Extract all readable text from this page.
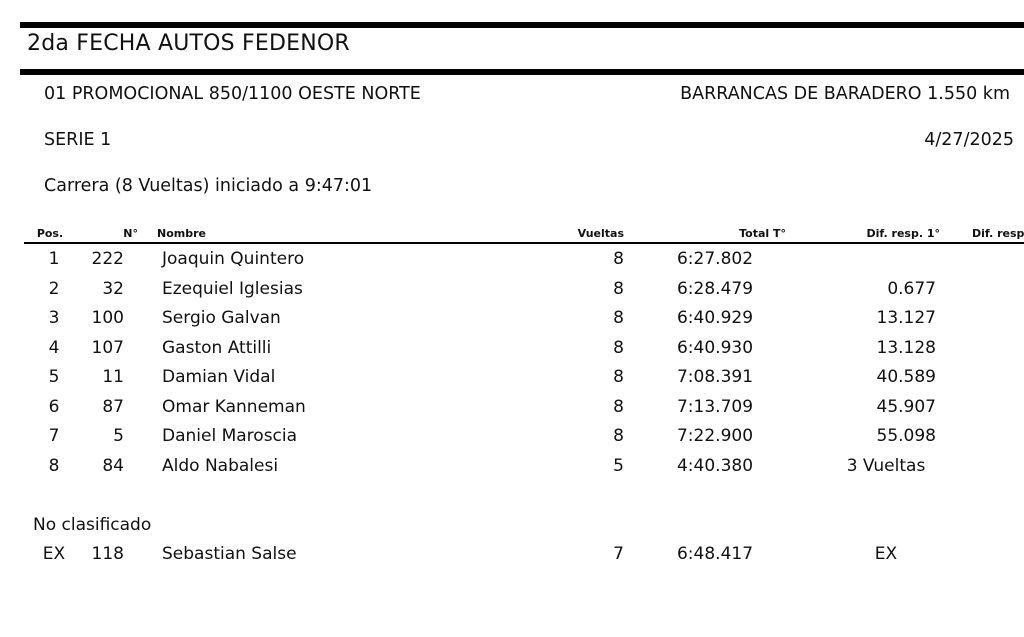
2da FECHA AUTOS FEDENOR
01 PROMOCIONAL 850/1100 OESTE NORTE	BARRANCAS DE BARADERO 1.550 km
SERIE 1	4/27/2025
Carrera (8 Vueltas) iniciado a 9:47:01
Pos.	N° Nombre	Vueltas	Total T°	Dif. resp. 1°	Dif. resp
1	222 Joaquin Quintero	8	6:27.802
2	32 Ezequiel Iglesias	8	6:28.479	0.677
3	100 Sergio Galvan	8	6:40.929	13.127
4	107 Gaston Attilli	8	6:40.930	13.128
5	11 Damian Vidal	8	7:08.391	40.589
6	87 Omar Kanneman	8	7:13.709	45.907
7	5 Daniel Maroscia	8	7:22.900	55.098
8	84 Aldo Nabalesi	5	4:40.380	3 Vueltas
No clasificado
EX	118 Sebastian Salse	7	6:48.417	EX
